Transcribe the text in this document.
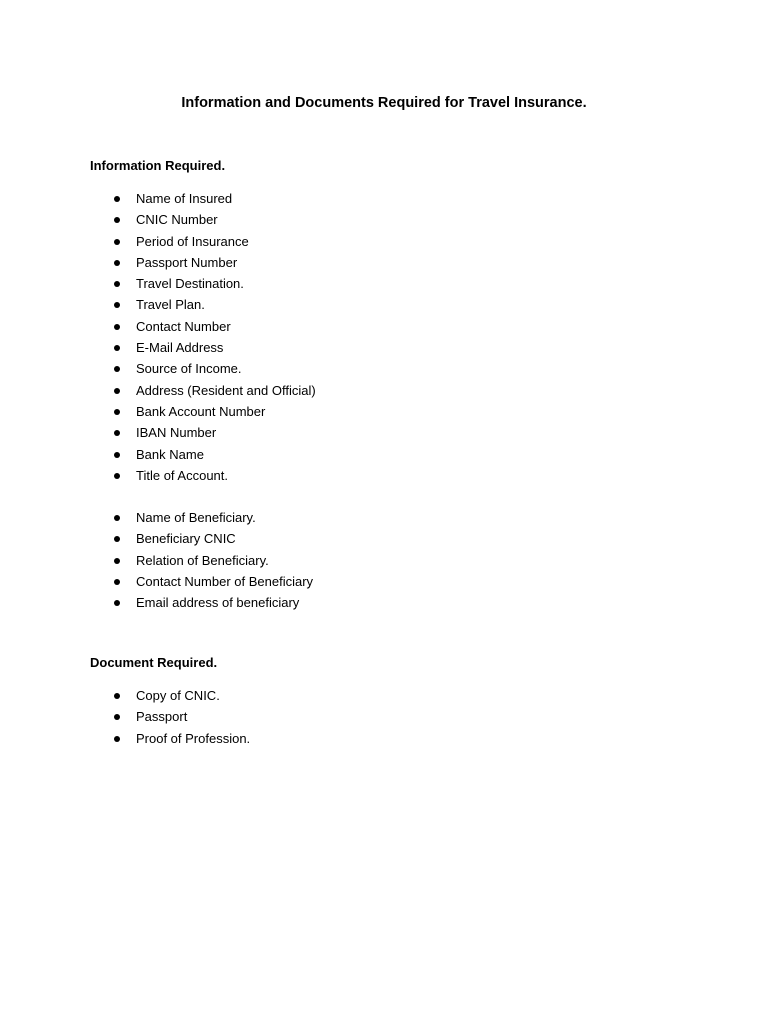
Information and Documents Required for Travel Insurance.
Information Required.
Name of Insured
CNIC Number
Period of Insurance
Passport Number
Travel Destination.
Travel Plan.
Contact Number
E-Mail Address
Source of Income.
Address (Resident and Official)
Bank Account Number
IBAN Number
Bank Name
Title of Account.
Name of Beneficiary.
Beneficiary CNIC
Relation of Beneficiary.
Contact Number of Beneficiary
Email address of beneficiary
Document Required.
Copy of CNIC.
Passport
Proof of Profession.
